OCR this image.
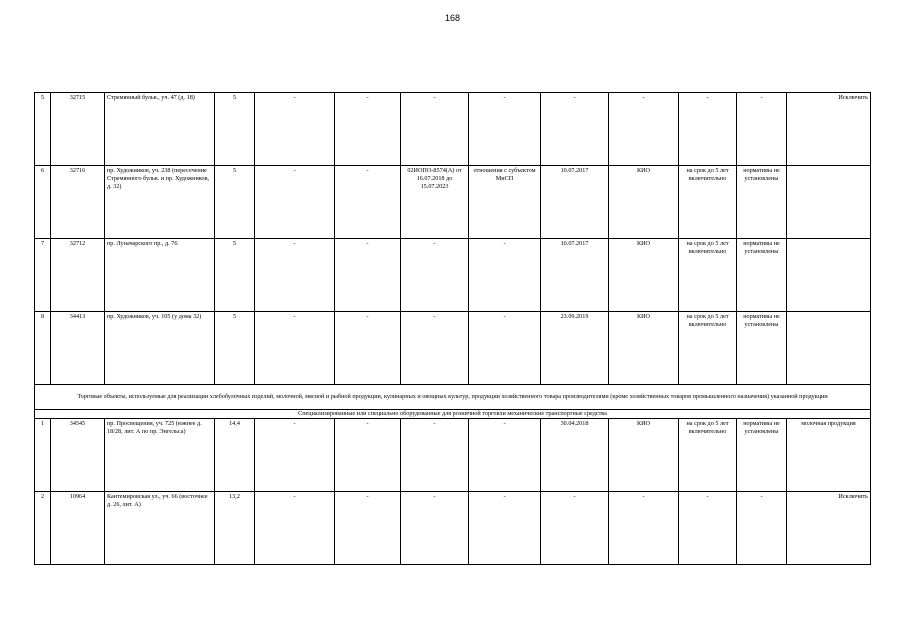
168
5	32715	Стремянный бульв., уч. 47 (д. 18)	5	-	-	-	-	-	-	-	-	Исключить
6	32716	пр. Художников, уч. 238 (пересечение Стремянного бульв. и пр. Художников, д. 32)	5	-	-	02ИОПО-8574(А) от 16.07.2018 до 15.07.2023	отношения с субъектом МиСП	10.07.2017	КИО	на срок до 5 лет включительно	нормативы не установлены	
7	32712	пр. Луначарского пр., д. 76	5	-	-	-	-	10.07.2017	КИО	на срок до 5 лет включительно	нормативы не установлены	
8	34413	пр. Художников, уч. 105 (у дома 32)	5	-	-	-	-	23.09.2019	КИО	на срок до 5 лет включительно	нормативы не установлены	
Торговые объекты, используемые для реализации хлебобулочных изделий, молочной, мясной и рыбной продукции, кулинарных и овощных культур, продукции хозяйственного товара производителями (кроме хозяйственных товаров промышленного назначения) указанной продукции												
Специализированные или специально оборудованные для розничной торговли механические транспортные средства												
1	34545	пр. Просвещения, уч. 725 (южнее д. 18/28, лит. А по пр. Энгельса)	14,4	-	-	-	-	30.04.2018	КИО	на срок до 5 лет включительно	нормативы не установлены	молочная продукция
2	10964	Кантемировская ул., уч. 66 (восточнее д. 26, лит. А)	13,2	-	-	-	-	-	-	-	-	Исключить
